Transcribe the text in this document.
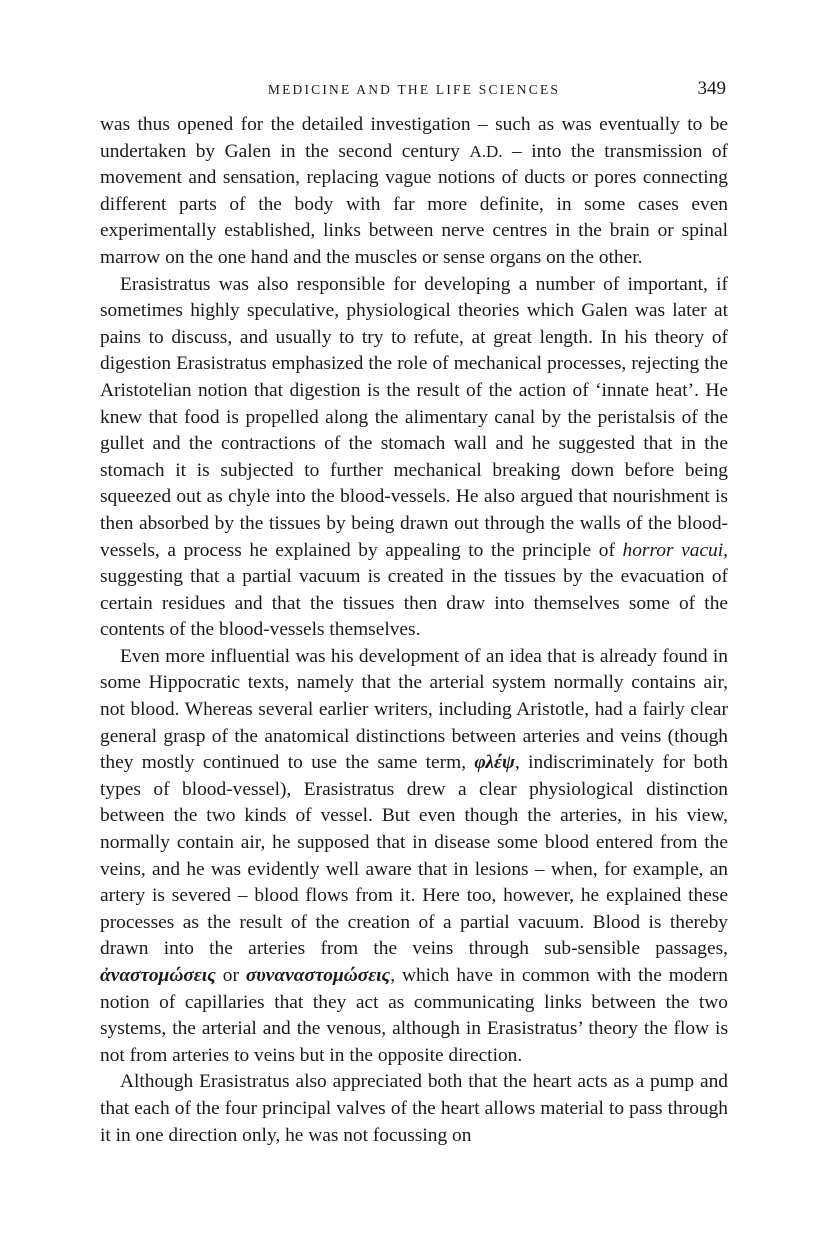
MEDICINE AND THE LIFE SCIENCES	349

was thus opened for the detailed investigation – such as was eventually to be undertaken by Galen in the second century A.D. – into the transmission of movement and sensation, replacing vague notions of ducts or pores connecting different parts of the body with far more definite, in some cases even experimentally established, links between nerve centres in the brain or spinal marrow on the one hand and the muscles or sense organs on the other.

Erasistratus was also responsible for developing a number of important, if sometimes highly speculative, physiological theories which Galen was later at pains to discuss, and usually to try to refute, at great length. In his theory of digestion Erasistratus emphasized the role of mechanical processes, rejecting the Aristotelian notion that digestion is the result of the action of ‘innate heat’. He knew that food is propelled along the alimentary canal by the peristalsis of the gullet and the contractions of the stomach wall and he suggested that in the stomach it is subjected to further mechanical breaking down before being squeezed out as chyle into the blood-vessels. He also argued that nourishment is then absorbed by the tissues by being drawn out through the walls of the blood-vessels, a process he explained by appealing to the principle of horror vacui, suggesting that a partial vacuum is created in the tissues by the evacuation of certain residues and that the tissues then draw into themselves some of the contents of the blood-vessels themselves.

Even more influential was his development of an idea that is already found in some Hippocratic texts, namely that the arterial system normally contains air, not blood. Whereas several earlier writers, including Aristotle, had a fairly clear general grasp of the anatomical distinctions between arteries and veins (though they mostly continued to use the same term, φλέψ, indiscriminately for both types of blood-vessel), Erasistratus drew a clear physiological distinction between the two kinds of vessel. But even though the arteries, in his view, normally contain air, he supposed that in disease some blood entered from the veins, and he was evidently well aware that in lesions – when, for example, an artery is severed – blood flows from it. Here too, however, he explained these processes as the result of the creation of a partial vacuum. Blood is thereby drawn into the arteries from the veins through sub-sensible passages, ἀναστομώσεις or συναναστομώσεις, which have in common with the modern notion of capillaries that they act as communicating links between the two systems, the arterial and the venous, although in Erasistratus’ theory the flow is not from arteries to veins but in the opposite direction.

Although Erasistratus also appreciated both that the heart acts as a pump and that each of the four principal valves of the heart allows material to pass through it in one direction only, he was not focussing on
